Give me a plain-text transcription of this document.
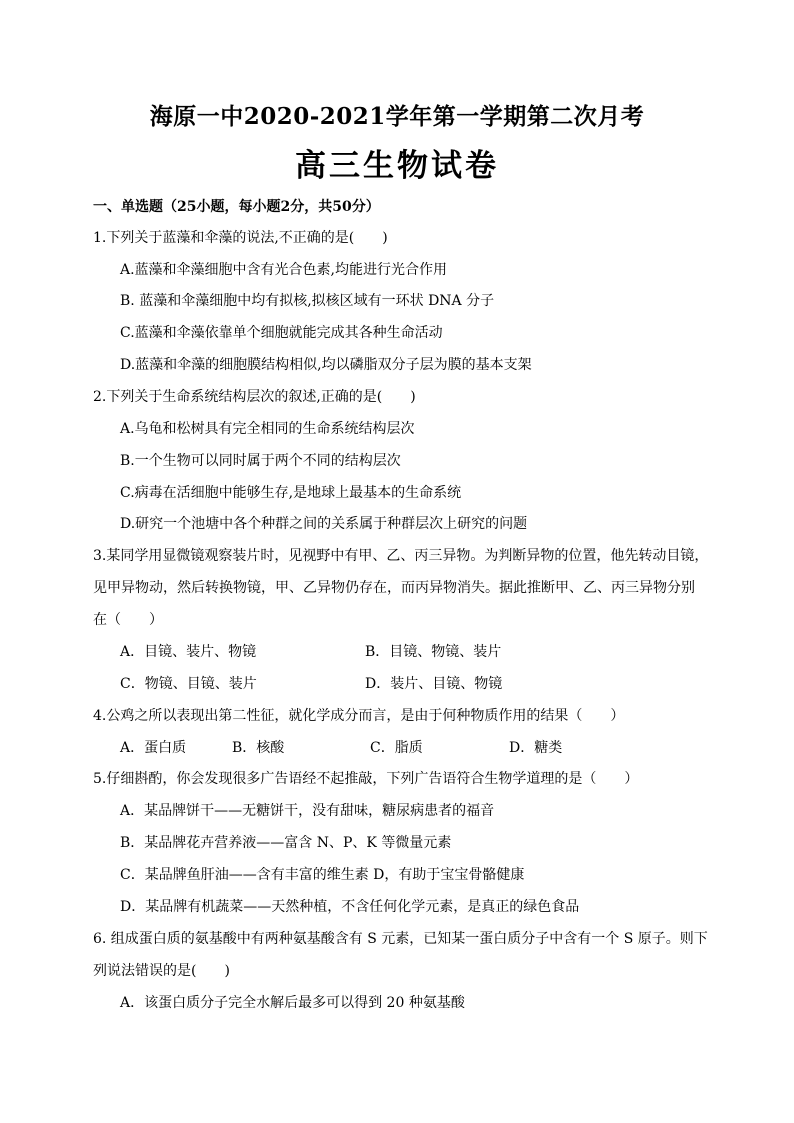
海原一中2020-2021学年第一学期第二次月考
高三生物试卷
一、单选题（25小题，每小题2分，共50分）
1.下列关于蓝藻和伞藻的说法,不正确的是(　　)
A.蓝藻和伞藻细胞中含有光合色素,均能进行光合作用
B. 蓝藻和伞藻细胞中均有拟核,拟核区域有一环状 DNA 分子
C.蓝藻和伞藻依靠单个细胞就能完成其各种生命活动
D.蓝藻和伞藻的细胞膜结构相似,均以磷脂双分子层为膜的基本支架
2.下列关于生命系统结构层次的叙述,正确的是(　　)
A.乌龟和松树具有完全相同的生命系统结构层次
B.一个生物可以同时属于两个不同的结构层次
C.病毒在活细胞中能够生存,是地球上最基本的生命系统
D.研究一个池塘中各个种群之间的关系属于种群层次上研究的问题
3.某同学用显微镜观察装片时，见视野中有甲、乙、丙三异物。为判断异物的位置，他先转动目镜，
见甲异物动，然后转换物镜，甲、乙异物仍存在，而丙异物消失。据此推断甲、乙、丙三异物分别
在（　　）
A．目镜、装片、物镜	B．目镜、物镜、装片
C．物镜、目镜、装片	D．装片、目镜、物镜
4.公鸡之所以表现出第二性征，就化学成分而言，是由于何种物质作用的结果（　　）
A．蛋白质	B．核酸	C．脂质	D．糖类
5.仔细斟酌，你会发现很多广告语经不起推敲，下列广告语符合生物学道理的是（　　）
A．某品牌饼干——无糖饼干，没有甜味，糖尿病患者的福音
B．某品牌花卉营养液——富含 N、P、K 等微量元素
C．某品牌鱼肝油——含有丰富的维生素 D，有助于宝宝骨骼健康
D．某品牌有机蔬菜——天然种植，不含任何化学元素，是真正的绿色食品
6. 组成蛋白质的氨基酸中有两种氨基酸含有 S 元素，已知某一蛋白质分子中含有一个 S 原子。则下
列说法错误的是(　　)
A．该蛋白质分子完全水解后最多可以得到 20 种氨基酸
